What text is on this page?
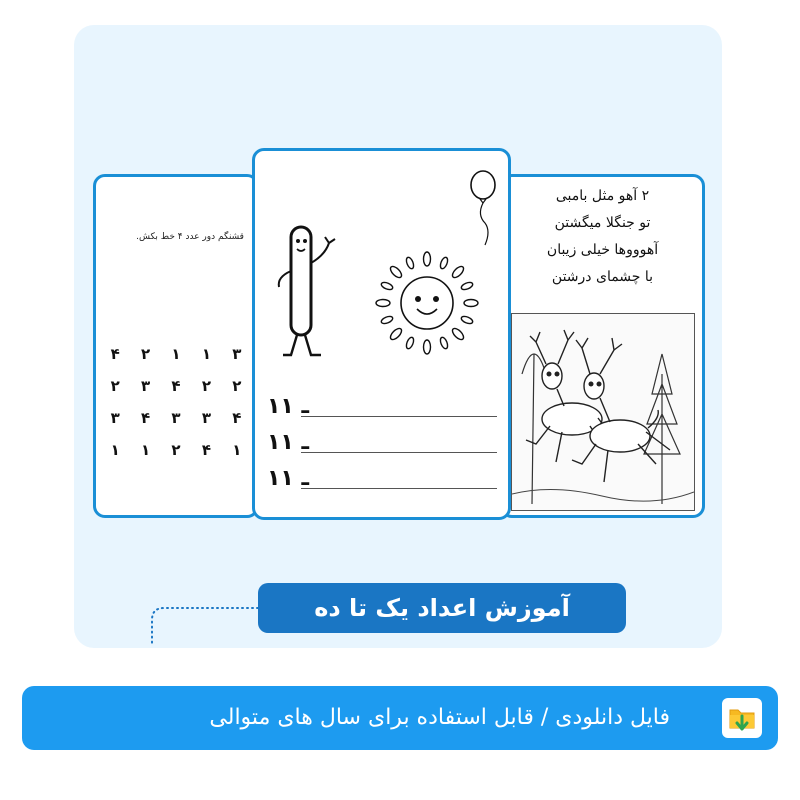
قشنگم دور عدد ۴ خط بکش.
۴	۲	۱	۱	۳
۲	۳	۴	۲	۲
۳	۴	۳	۳	۴
۱	۱	۲	۴	۱
۲ آهو مثل بامبی
تو جنگلا میگشتن
آهوووها خیلی زیبان
با چشمای درشتن
۱۱ ـ
۱۱ ـ
۱۱ ـ
آموزش اعداد یک تا ده
فایل دانلودی / قابل استفاده برای سال های متوالی
